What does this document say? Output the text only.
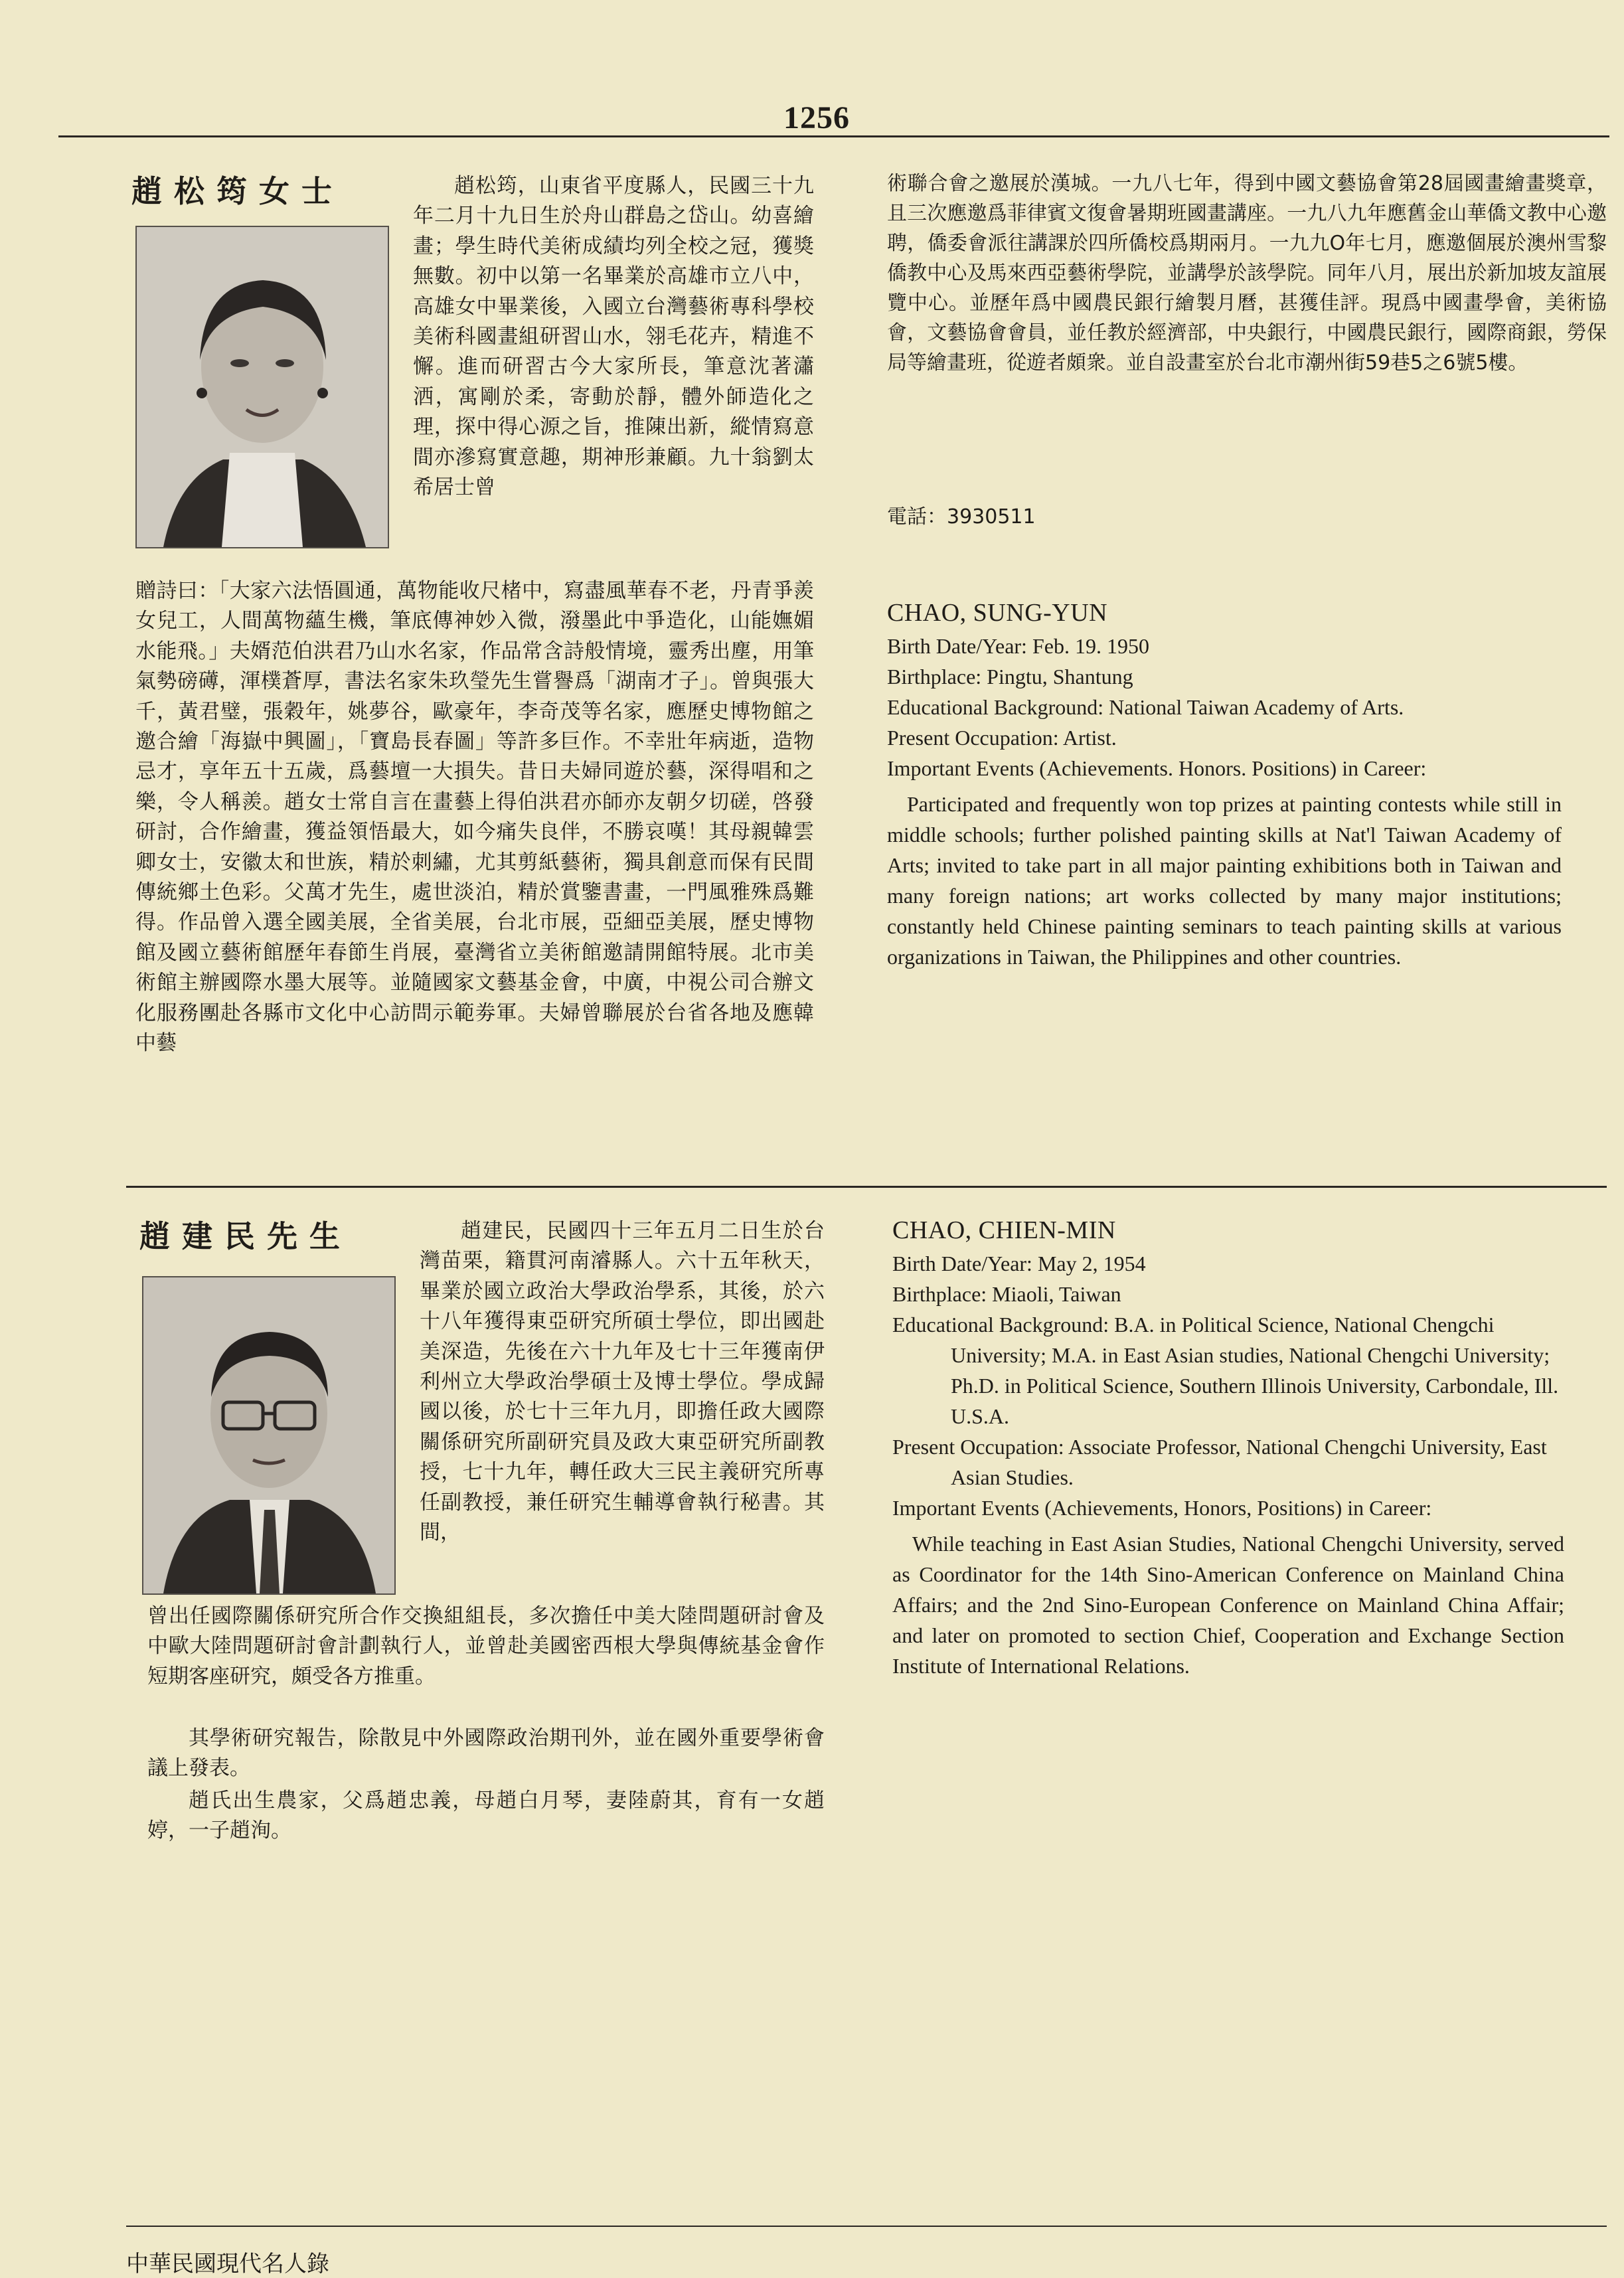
1256
趙松筠女士	趙松筠，山東省平度縣人，民國三十九年二月十九日生於舟山群島之岱山。幼喜繪畫；學生時代美術成績均列全校之冠，獲獎無數。初中以第一名畢業於高雄市立八中，高雄女中畢業後，入國立台灣藝術專科學校美術科國畫組研習山水，翎毛花卉，精進不懈。進而研習古今大家所長，筆意沈著瀟洒，寓剛於柔，寄動於靜，體外師造化之理，探中得心源之旨，推陳出新，縱情寫意間亦滲寫實意趣，期神形兼顧。九十翁劉太希居士曾
贈詩曰：「大家六法悟圓通，萬物能收尺楮中，寫盡風華春不老，丹青爭羨女兒工，人間萬物蘊生機，筆底傳神妙入微，潑墨此中爭造化，山能嫵媚水能飛。」夫婿范伯洪君乃山水名家，作品常含詩般情境，靈秀出塵，用筆氣勢磅礡，渾樸蒼厚，書法名家朱玖瑩先生嘗譽爲「湖南才子」。曾與張大千，黃君璧，張穀年，姚夢谷，歐豪年，李奇茂等名家，應歷史博物館之邀合繪「海嶽中興圖」，「寶島長春圖」等許多巨作。不幸壯年病逝，造物忌才，享年五十五歲，爲藝壇一大損失。昔日夫婦同遊於藝，深得唱和之樂，令人稱羨。趙女士常自言在畫藝上得伯洪君亦師亦友朝夕切磋，啓發研討，合作繪畫，獲益領悟最大，如今痛失良伴，不勝哀嘆！其母親韓雲卿女士，安徽太和世族，精於刺繡，尤其剪紙藝術，獨具創意而保有民間傳統鄉土色彩。父萬才先生，處世淡泊，精於賞鑒書畫，一門風雅殊爲難得。作品曾入選全國美展，全省美展，台北市展，亞細亞美展，歷史博物館及國立藝術館歷年春節生肖展，臺灣省立美術館邀請開館特展。北市美術館主辦國際水墨大展等。並隨國家文藝基金會，中廣，中視公司合辦文化服務團赴各縣市文化中心訪問示範劵軍。夫婦曾聯展於台省各地及應韓中藝
術聯合會之邀展於漢城。一九八七年，得到中國文藝協會第28屆國畫繪畫獎章，且三次應邀爲菲律賓文復會暑期班國畫講座。一九八九年應舊金山華僑文教中心邀聘，僑委會派往講課於四所僑校爲期兩月。一九九O年七月，應邀個展於澳州雪黎僑教中心及馬來西亞藝術學院，並講學於該學院。同年八月，展出於新加坡友誼展覽中心。並歷年爲中國農民銀行繪製月曆，甚獲佳評。現爲中國畫學會，美術協會，文藝協會會員，並任教於經濟部，中央銀行，中國農民銀行，國際商銀，勞保局等繪畫班，從遊者頗衆。並自設畫室於台北市潮州街59巷5之6號5樓。
電話：3930511
CHAO, SUNG-YUN
Birth Date/Year: Feb. 19. 1950
Birthplace: Pingtu, Shantung
Educational Background: National Taiwan Academy of Arts.
Present Occupation: Artist.
Important Events (Achievements. Honors. Positions) in Career:
Participated and frequently won top prizes at painting contests while still in middle schools; further polished painting skills at Nat'l Taiwan Academy of Arts; invited to take part in all major painting exhibitions both in Taiwan and many foreign nations; art works collected by many major institutions; constantly held Chinese painting seminars to teach painting skills at various organizations in Taiwan, the Philippines and other countries.
趙建民先生	趙建民，民國四十三年五月二日生於台灣苗栗，籍貫河南濬縣人。六十五年秋天，畢業於國立政治大學政治學系，其後，於六十八年獲得東亞研究所碩士學位，即出國赴美深造，先後在六十九年及七十三年獲南伊利州立大學政治學碩士及博士學位。學成歸國以後，於七十三年九月，即擔任政大國際關係研究所副研究員及政大東亞研究所副教授，七十九年，轉任政大三民主義研究所專任副教授，兼任研究生輔導會執行秘書。其間，
曾出任國際關係研究所合作交換組組長，多次擔任中美大陸問題研討會及中歐大陸問題研討會計劃執行人，並曾赴美國密西根大學與傳統基金會作短期客座研究，頗受各方推重。
其學術研究報告，除散見中外國際政治期刊外，並在國外重要學術會議上發表。
趙氏出生農家，父爲趙忠義，母趙白月琴，妻陸蔚其，育有一女趙婷，一子趙洵。
CHAO, CHIEN-MIN
Birth Date/Year: May 2, 1954
Birthplace: Miaoli, Taiwan
Educational Background: B.A. in Political Science, National Chengchi University; M.A. in East Asian studies, National Chengchi University; Ph.D. in Political Science, Southern Illinois University, Carbondale, Ill. U.S.A.
Present Occupation: Associate Professor, National Chengchi University, East Asian Studies.
Important Events (Achievements, Honors, Positions) in Career:
While teaching in East Asian Studies, National Chengchi University, served as Coordinator for the 14th Sino-American Conference on Mainland China Affairs; and the 2nd Sino-European Conference on Mainland China Affair; and later on promoted to section Chief, Cooperation and Exchange Section Institute of International Relations.
中華民國現代名人錄
